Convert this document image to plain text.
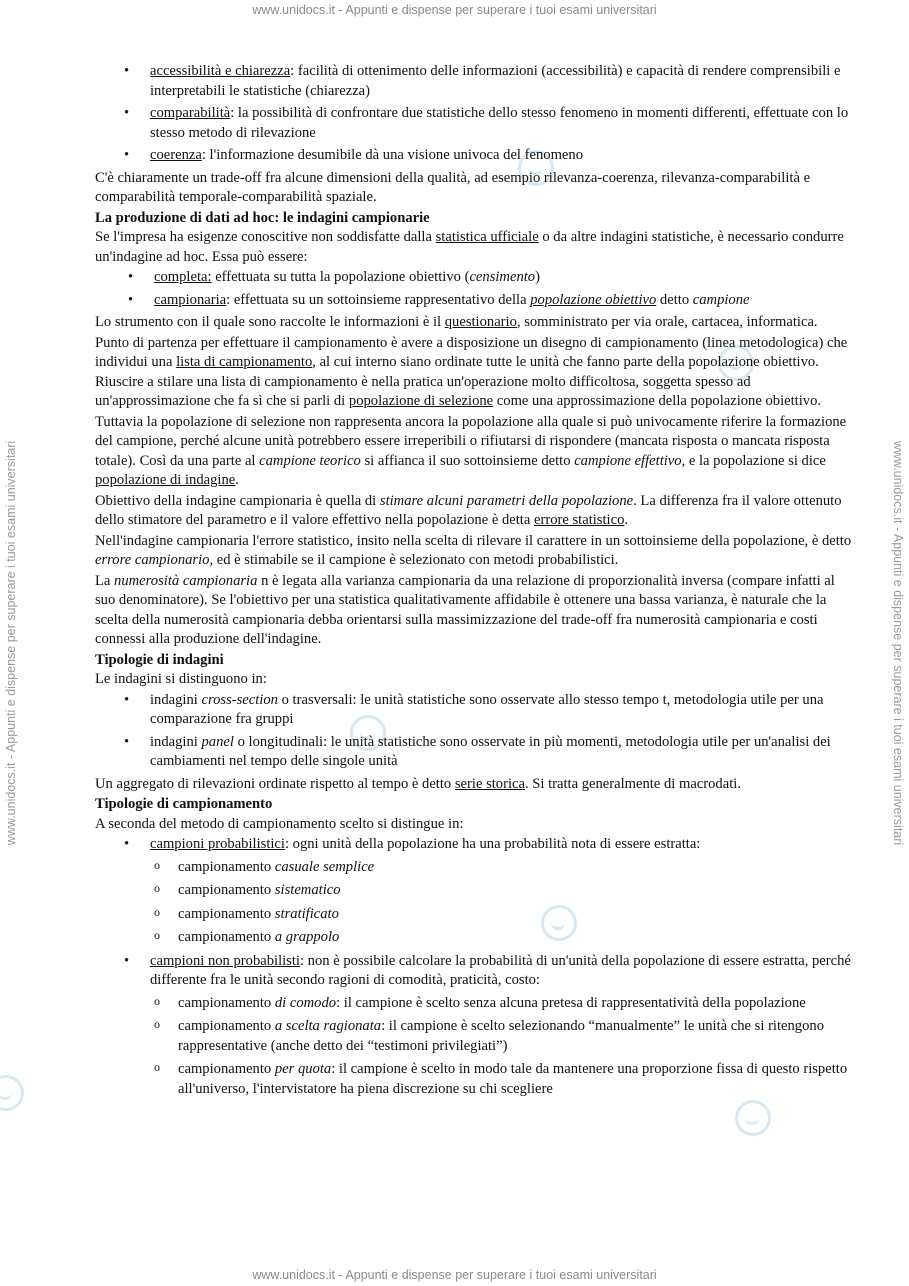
www.unidocs.it - Appunti e dispense per superare i tuoi esami universitari
www.unidocs.it - Appunti e dispense per superare i tuoi esami universitari
www.unidocs.it - Appunti e dispense per superare i tuoi esami universitari	www.unidocs.it - Appunti e dispense per superare i tuoi esami universitari
• accessibilità e chiarezza: facilità di ottenimento delle informazioni (accessibilità) e capacità di rendere comprensibili e interpretabili le statistiche (chiarezza)
• comparabilità: la possibilità di confrontare due statistiche dello stesso fenomeno in momenti differenti, effettuate con lo stesso metodo di rilevazione
• coerenza: l'informazione desumibile dà una visione univoca del fenomeno

C'è chiaramente un trade-off fra alcune dimensioni della qualità, ad esempio rilevanza-coerenza, rilevanza-comparabilità e comparabilità temporale-comparabilità spaziale.

La produzione di dati ad hoc: le indagini campionarie

Se l'impresa ha esigenze conoscitive non soddisfatte dalla statistica ufficiale o da altre indagini statistiche, è necessario condurre un'indagine ad hoc. Essa può essere:

• completa: effettuata su tutta la popolazione obiettivo (censimento)
• campionaria: effettuata su un sottoinsieme rappresentativo della popolazione obiettivo detto campione

Lo strumento con il quale sono raccolte le informazioni è il questionario, somministrato per via orale, cartacea, informatica.

Punto di partenza per effettuare il campionamento è avere a disposizione un disegno di campionamento (linea metodologica) che individui una lista di campionamento, al cui interno siano ordinate tutte le unità che fanno parte della popolazione obiettivo. Riuscire a stilare una lista di campionamento è nella pratica un'operazione molto difficoltosa, soggetta spesso ad un'approssimazione che fa sì che si parli di popolazione di selezione come una approssimazione della popolazione obiettivo.

Tuttavia la popolazione di selezione non rappresenta ancora la popolazione alla quale si può univocamente riferire la formazione del campione, perché alcune unità potrebbero essere irreperibili o rifiutarsi di rispondere (mancata risposta o mancata risposta totale). Così da una parte al campione teorico si affianca il suo sottoinsieme detto campione effettivo, e la popolazione si dice popolazione di indagine.

Obiettivo della indagine campionaria è quella di stimare alcuni parametri della popolazione. La differenza fra il valore ottenuto dello stimatore del parametro e il valore effettivo nella popolazione è detta errore statistico.

Nell'indagine campionaria l'errore statistico, insito nella scelta di rilevare il carattere in un sottoinsieme della popolazione, è detto errore campionario, ed è stimabile se il campione è selezionato con metodi probabilistici.

La numerosità campionaria n è legata alla varianza campionaria da una relazione di proporzionalità inversa (compare infatti al suo denominatore). Se l'obiettivo per una statistica qualitativamente affidabile è ottenere una bassa varianza, è naturale che la scelta della numerosità campionaria debba orientarsi sulla massimizzazione del trade-off fra numerosità campionaria e costi connessi alla produzione dell'indagine.

Tipologie di indagini

Le indagini si distinguono in:

• indagini cross-section o trasversali: le unità statistiche sono osservate allo stesso tempo t, metodologia utile per una comparazione fra gruppi
• indagini panel o longitudinali: le unità statistiche sono osservate in più momenti, metodologia utile per un'analisi dei cambiamenti nel tempo delle singole unità

Un aggregato di rilevazioni ordinate rispetto al tempo è detto serie storica. Si tratta generalmente di macrodati.

Tipologie di campionamento

A seconda del metodo di campionamento scelto si distingue in:

• campioni probabilistici: ogni unità della popolazione ha una probabilità nota di essere estratta:
o campionamento casuale semplice
o campionamento sistematico
o campionamento stratificato
o campionamento a grappolo
• campioni non probabilisti: non è possibile calcolare la probabilità di un'unità della popolazione di essere estratta, perché differente fra le unità secondo ragioni di comodità, praticità, costo:
o campionamento di comodo: il campione è scelto senza alcuna pretesa di rappresentatività della popolazione
o campionamento a scelta ragionata: il campione è scelto selezionando “manualmente” le unità che si ritengono rappresentative (anche detto dei “testimoni privilegiati”)
o campionamento per quota: il campione è scelto in modo tale da mantenere una proporzione fissa di questo rispetto all'universo, l'intervistatore ha piena discrezione su chi scegliere
